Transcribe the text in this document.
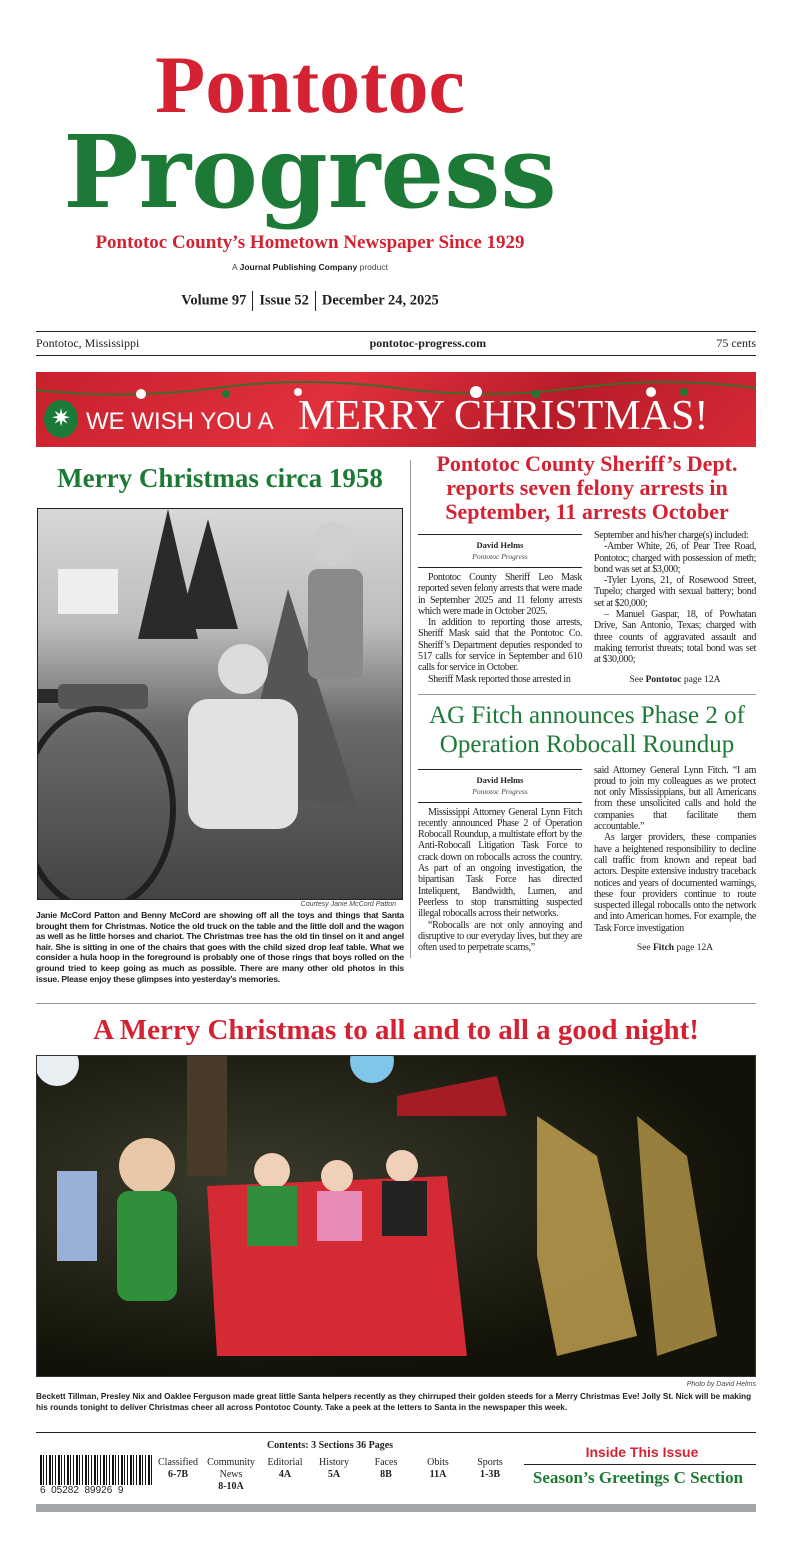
Pontotoc
Progress
Pontotoc County’s Hometown Newspaper Since 1929
A Journal Publishing Company product
Volume 97 Issue 52 December 24, 2025
Pontotoc, Mississippi	pontotoc-progress.com	75 cents
✷ WE WISH YOU A MERRY CHRISTMAS!
Merry Christmas circa 1958
Courtesy Janie McCord Patton
Janie McCord Patton and Benny McCord are showing off all the toys and things that Santa brought them for Christmas. Notice the old truck on the table and the little doll and the wagon as well as he little horses and chariot. The Christmas tree has the old tin tinsel on it and angel hair. She is sitting in one of the chairs that goes with the child sized drop leaf table. What we consider a hula hoop in the foreground is probably one of those rings that boys rolled on the ground tried to keep going as much as possible. There are many other old photos in this issue. Please enjoy these glimpses into yesterday’s memories.
Pontotoc County Sheriff’s Dept. reports seven felony arrests in September, 11 arrests October
David Helms
Pontotoc Progress

Pontotoc County Sheriff Leo Mask reported seven felony arrests that were made in September 2025 and 11 felony arrests which were made in October 2025.

In addition to reporting those arrests, Sheriff Mask said that the Pontotoc Co. Sheriff’s Department deputies responded to 517 calls for service in September and 610 calls for service in October.

Sheriff Mask reported those arrested in

September and his/her charge(s) included:

-Amber White, 26, of Pear Tree Road, Pontotoc; charged with possession of meth; bond was set at $3,000;

-Tyler Lyons, 21, of Rosewood Street, Tupelo; charged with sexual battery; bond set at $20,000;

– Manuel Gaspar, 18, of Powhatan Drive, San Antonio, Texas; charged with three counts of aggravated assault and making terrorist threats; total bond was set at $30,000;

See Pontotoc page 12A
AG Fitch announces Phase 2 of Operation Robocall Roundup
David Helms
Pontotoc Progress

Mississippi Attorney General Lynn Fitch recently announced Phase 2 of Operation Robocall Roundup, a multistate effort by the Anti-Robocall Litigation Task Force to crack down on robocalls across the country. As part of an ongoing investigation, the bipartisan Task Force has directed Inteliquent, Bandwidth, Lumen, and Peerless to stop transmitting suspected illegal robocalls across their networks.

“Robocalls are not only annoying and disruptive to our everyday lives, but they are often used to perpetrate scams,”

said Attorney General Lynn Fitch. “I am proud to join my colleagues as we protect not only Mississippians, but all Americans from these unsolicited calls and hold the companies that facilitate them accountable.”

As larger providers, these companies have a heightened responsibility to decline call traffic from known and repeat bad actors. Despite extensive industry traceback notices and years of documented warnings, these four providers continue to route suspected illegal robocalls onto the network and into American homes. For example, the Task Force investigation

See Fitch page 12A
A Merry Christmas to all and to all a good night!
Photo by David Helms
Beckett Tillman, Presley Nix and Oaklee Ferguson made great little Santa helpers recently as they chirruped their golden steeds for a Merry Christmas Eve! Jolly St. Nick will be making his rounds tonight to deliver Christmas cheer all across Pontotoc County. Take a peek at the letters to Santa in the newspaper this week.
6  05282  89926  9
Contents: 3 Sections 36 Pages
Classified
6-7B
Community News
8-10A
Editorial
4A
History
5A
Faces
8B
Obits
11A
Sports
1-3B
Inside This Issue
Season’s Greetings C Section
